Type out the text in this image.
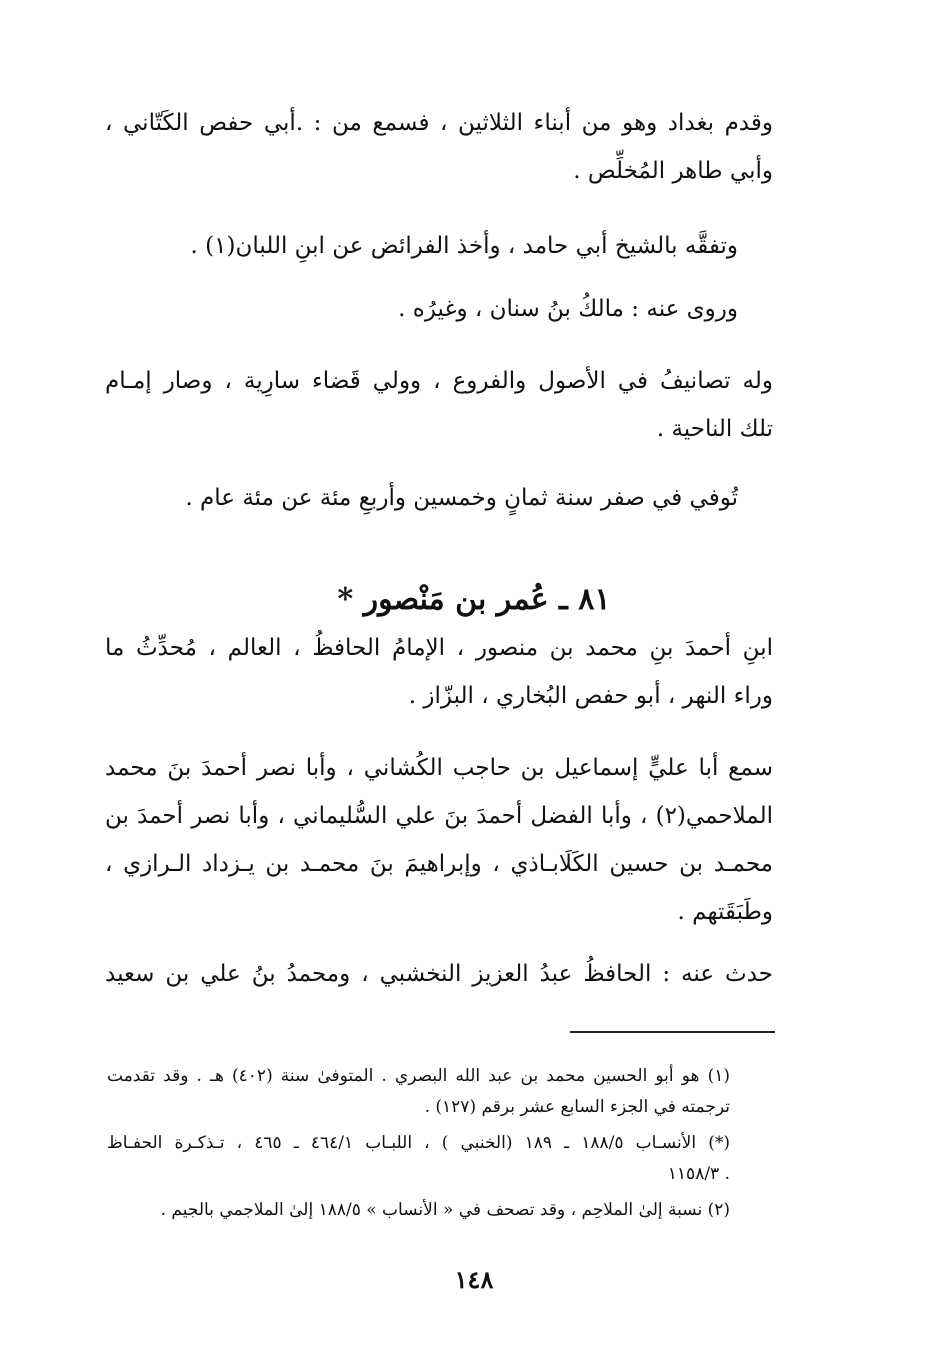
وقدم بغداد وهو من أبناء الثلاثين ، فسمع من : .أبي حفص الكَتّاني ،

وأبي طاهر المُخلِّص .

وتفقَّه بالشيخ أبي حامد ، وأخذ الفرائض عن ابنِ اللبان(١) .

وروى عنه : مالكُ بنُ سنان ، وغيرُه .

وله تصانيفُ في الأصول والفروع ، وولي قَضاء سارِية ، وصار إمـام

تلك الناحية .

تُوفي في صفر سنة ثمانٍ وخمسين وأربعِ مئة عن مئة عام .

٨١ ـ عُمر بن مَنْصور *

ابنِ أحمدَ بنِ محمد بن منصور ، الإمامُ الحافظُ ، العالم ، مُحدِّثُ ما

وراء النهر ، أبو حفص البُخاري ، البزّاز .

سمع أبا عليٍّ إسماعيل بن حاجب الكُشاني ، وأبا نصر أحمدَ بنَ محمد

الملاحمي(٢) ، وأبا الفضل أحمدَ بنَ علي السُّليماني ، وأبا نصر أحمدَ بن

محمـد بن حسين الكَلَابـاذي ، وإبراهيمَ بنَ محمـد بن يـزداد الـرازي ،

وطَبَقَتهم .

حدث عنه : الحافظُ عبدُ العزيز النخشبي ، ومحمدُ بنُ علي بن سعيد

(١) هو أبو الحسين محمد بن عبد الله البصري . المتوفىٰ سنة (٤٠٢) هـ . وقد تقدمت

ترجمته في الجزء السابع عشر برقم (١٢٧) .

(*) الأنسـاب ١٨٨/٥ ـ ١٨٩ (الخنبي ) ، اللبـاب ٤٦٤/١ ـ ٤٦٥ ، تـذكـرة الحفـاظ

١١٥٨/٣ .

(٢) نسبة إلىٰ الملاحِم ، وقد تصحف في « الأنساب » ١٨٨/٥ إلىٰ الملاجمي بالجيم .

١٤٨
